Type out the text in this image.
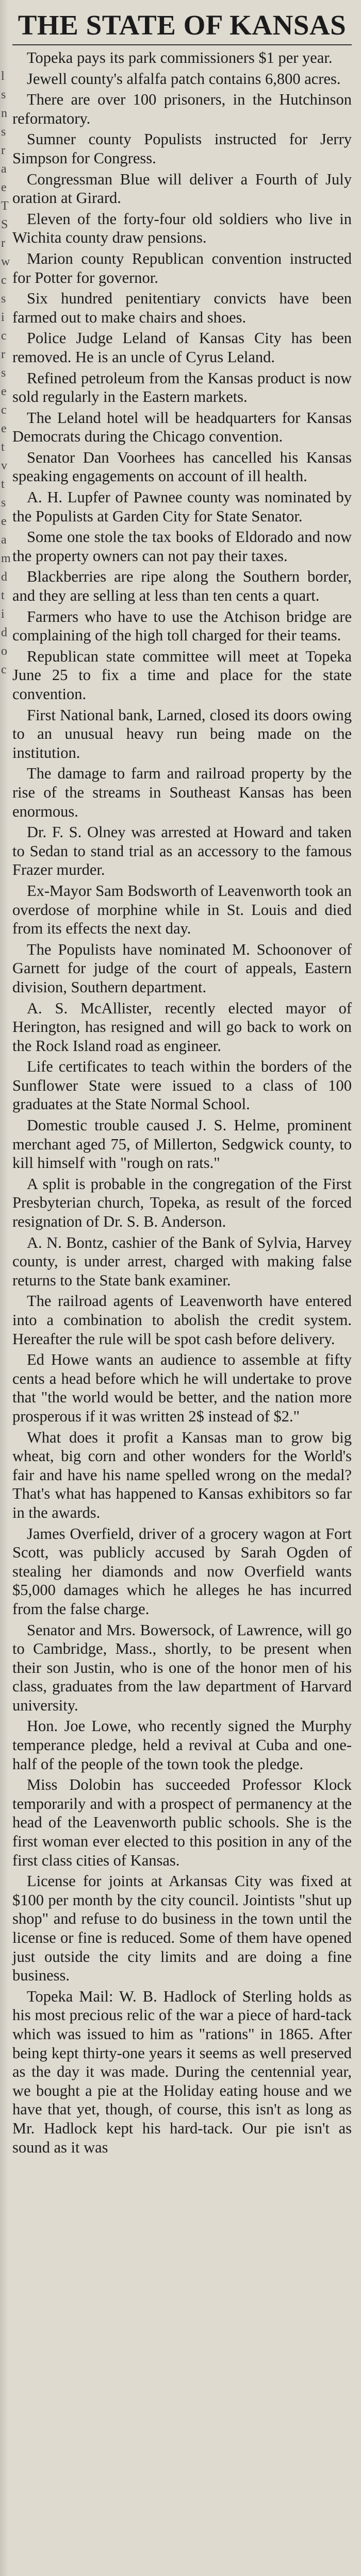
l
s
n
s
r
a
e
T
S
r
w
c
s
i
c
r
s
e
c
e
t
v
t
s
e
a
m
d
t
i
d
o
c
THE STATE OF KANSAS

Topeka pays its park commissioners $1 per year.

Jewell county's alfalfa patch contains 6,800 acres.

There are over 100 prisoners, in the Hutchinson reformatory.

Sumner county Populists instructed for Jerry Simpson for Congress.

Congressman Blue will deliver a Fourth of July oration at Girard.

Eleven of the forty-four old soldiers who live in Wichita county draw pensions.

Marion county Republican convention instructed for Potter for governor.

Six hundred penitentiary convicts have been farmed out to make chairs and shoes.

Police Judge Leland of Kansas City has been removed. He is an uncle of Cyrus Leland.

Refined petroleum from the Kansas product is now sold regularly in the Eastern markets.

The Leland hotel will be headquarters for Kansas Democrats during the Chicago convention.

Senator Dan Voorhees has cancelled his Kansas speaking engagements on account of ill health.

A. H. Lupfer of Pawnee county was nominated by the Populists at Garden City for State Senator.

Some one stole the tax books of Eldorado and now the property owners can not pay their taxes.

Blackberries are ripe along the Southern border, and they are selling at less than ten cents a quart.

Farmers who have to use the Atchison bridge are complaining of the high toll charged for their teams.

Republican state committee will meet at Topeka June 25 to fix a time and place for the state convention.

First National bank, Larned, closed its doors owing to an unusual heavy run being made on the institution.

The damage to farm and railroad property by the rise of the streams in Southeast Kansas has been enormous.

Dr. F. S. Olney was arrested at Howard and taken to Sedan to stand trial as an accessory to the famous Frazer murder.

Ex-Mayor Sam Bodsworth of Leavenworth took an overdose of morphine while in St. Louis and died from its effects the next day.

The Populists have nominated M. Schoonover of Garnett for judge of the court of appeals, Eastern division, Southern department.

A. S. McAllister, recently elected mayor of Herington, has resigned and will go back to work on the Rock Island road as engineer.

Life certificates to teach within the borders of the Sunflower State were issued to a class of 100 graduates at the State Normal School.

Domestic trouble caused J. S. Helme, prominent merchant aged 75, of Millerton, Sedgwick county, to kill himself with "rough on rats."

A split is probable in the congregation of the First Presbyterian church, Topeka, as result of the forced resignation of Dr. S. B. Anderson.

A. N. Bontz, cashier of the Bank of Sylvia, Harvey county, is under arrest, charged with making false returns to the State bank examiner.

The railroad agents of Leavenworth have entered into a combination to abolish the credit system. Hereafter the rule will be spot cash before delivery.

Ed Howe wants an audience to assemble at fifty cents a head before which he will undertake to prove that "the world would be better, and the nation more prosperous if it was written 2$ instead of $2."

What does it profit a Kansas man to grow big wheat, big corn and other wonders for the World's fair and have his name spelled wrong on the medal? That's what has happened to Kansas exhibitors so far in the awards.

James Overfield, driver of a grocery wagon at Fort Scott, was publicly accused by Sarah Ogden of stealing her diamonds and now Overfield wants $5,000 damages which he alleges he has incurred from the false charge.

Senator and Mrs. Bowersock, of Lawrence, will go to Cambridge, Mass., shortly, to be present when their son Justin, who is one of the honor men of his class, graduates from the law department of Harvard university.

Hon. Joe Lowe, who recently signed the Murphy temperance pledge, held a revival at Cuba and one-half of the people of the town took the pledge.

Miss Dolobin has succeeded Professor Klock temporarily and with a prospect of permanency at the head of the Leavenworth public schools. She is the first woman ever elected to this position in any of the first class cities of Kansas.

License for joints at Arkansas City was fixed at $100 per month by the city council. Jointists "shut up shop" and refuse to do business in the town until the license or fine is reduced. Some of them have opened just outside the city limits and are doing a fine business.

Topeka Mail: W. B. Hadlock of Sterling holds as his most precious relic of the war a piece of hard-tack which was issued to him as "rations" in 1865. After being kept thirty-one years it seems as well preserved as the day it was made. During the centennial year, we bought a pie at the Holiday eating house and we have that yet, though, of course, this isn't as long as Mr. Hadlock kept his hard-tack. Our pie isn't as sound as it was
